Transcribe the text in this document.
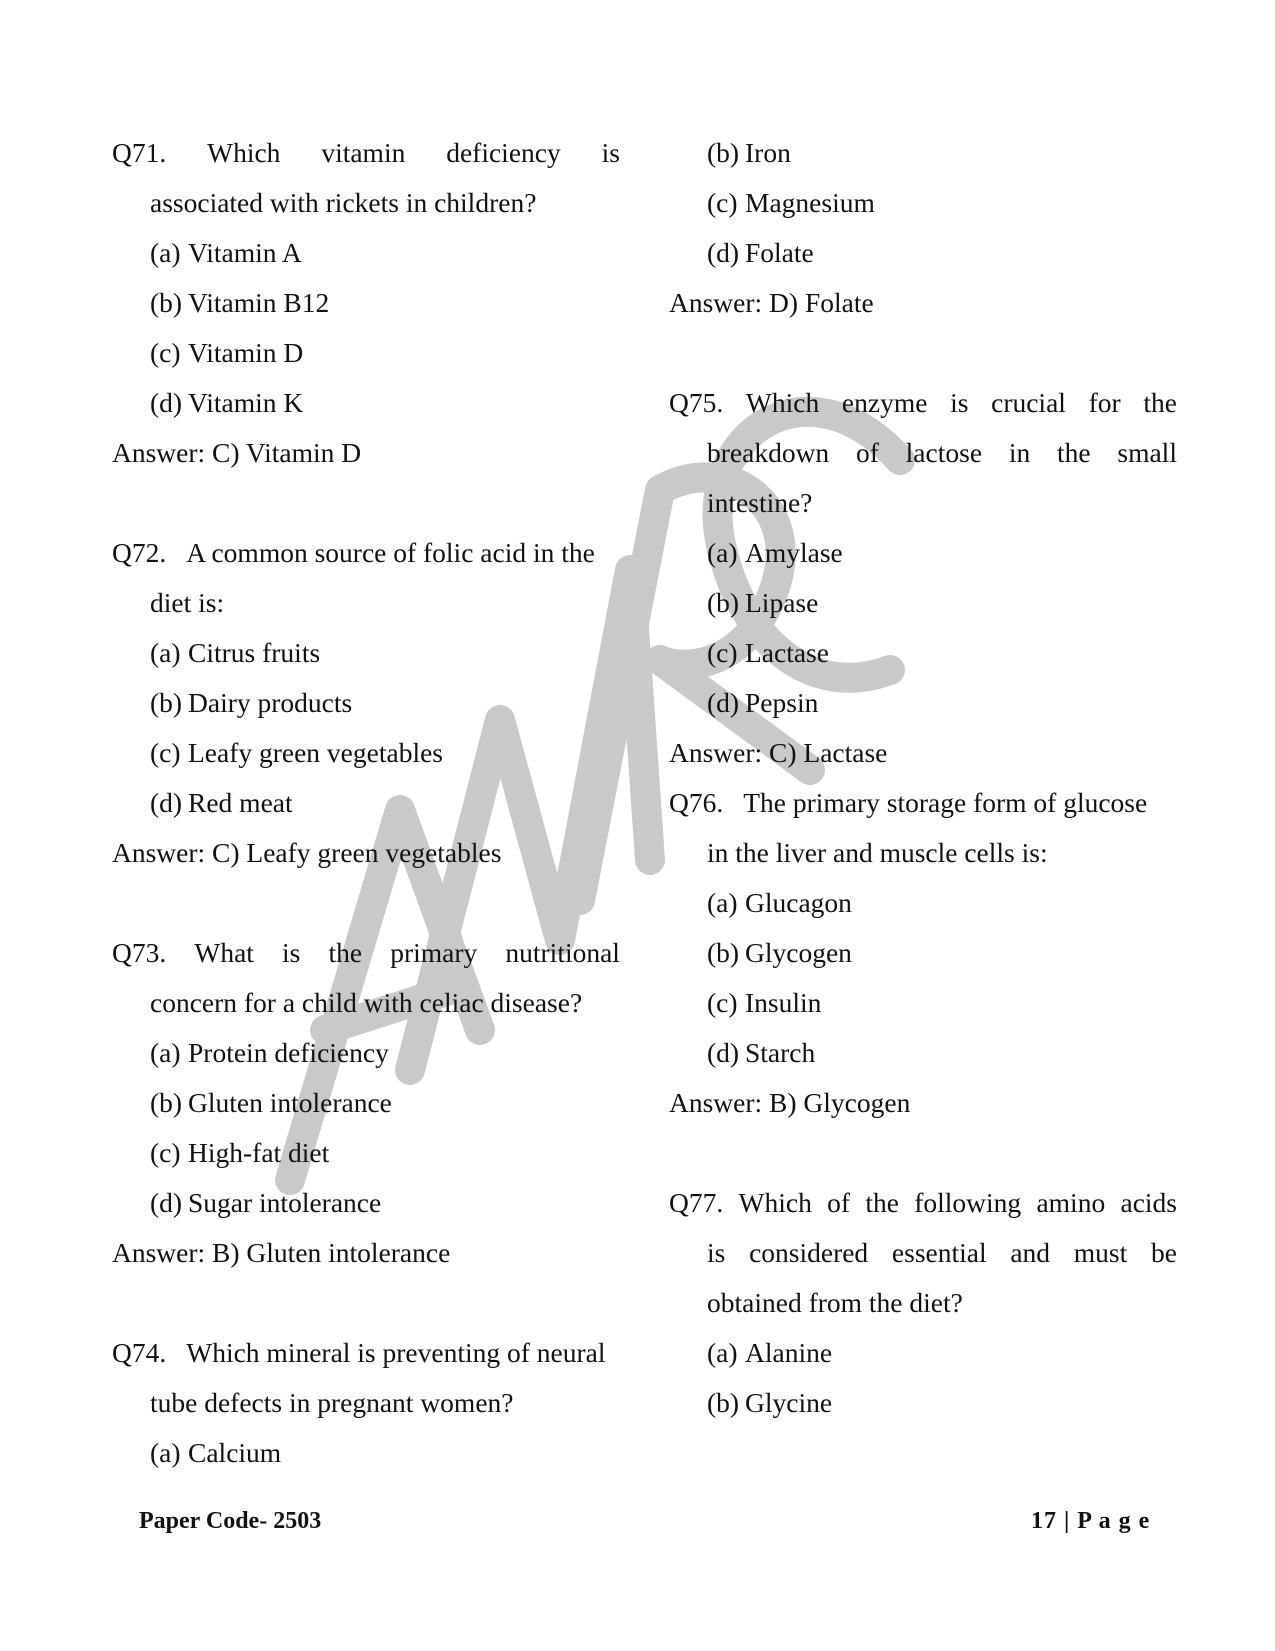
Q71. Which vitamin deficiency is
associated with rickets in children?
(a) Vitamin A
(b) Vitamin B12
(c) Vitamin D
(d) Vitamin K
Answer: C) Vitamin D
Q72. A common source of folic acid in the
diet is:
(a) Citrus fruits
(b) Dairy products
(c) Leafy green vegetables
(d) Red meat
Answer: C) Leafy green vegetables
Q73. What is the primary nutritional
concern for a child with celiac disease?
(a) Protein deficiency
(b) Gluten intolerance
(c) High-fat diet
(d) Sugar intolerance
Answer: B) Gluten intolerance
Q74. Which mineral is preventing of neural
tube defects in pregnant women?
(a) Calcium
(b) Iron
(c) Magnesium
(d) Folate
Answer: D) Folate
Q75. Which enzyme is crucial for the
breakdown of lactose in the small
intestine?
(a) Amylase
(b) Lipase
(c) Lactase
(d) Pepsin
Answer: C) Lactase
Q76. The primary storage form of glucose
in the liver and muscle cells is:
(a) Glucagon
(b) Glycogen
(c) Insulin
(d) Starch
Answer: B) Glycogen
Q77. Which of the following amino acids
is considered essential and must be
obtained from the diet?
(a) Alanine
(b) Glycine
Paper Code- 2503	17 | P a g e
